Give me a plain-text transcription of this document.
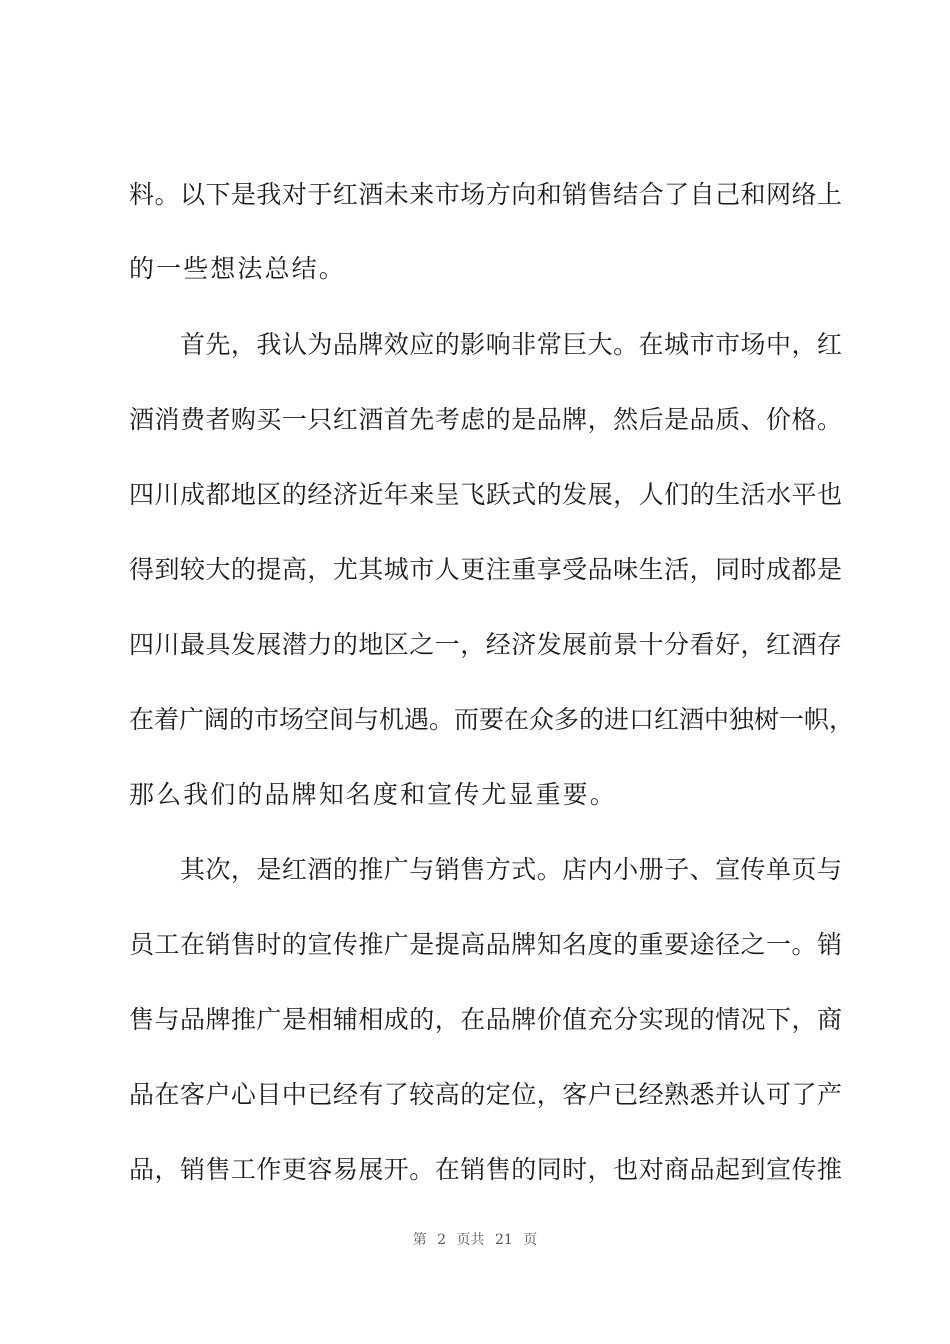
料。以下是我对于红酒未来市场方向和销售结合了自己和网络上
的一些想法总结。
　　首先，我认为品牌效应的影响非常巨大。在城市市场中，红
酒消费者购买一只红酒首先考虑的是品牌，然后是品质、价格。
四川成都地区的经济近年来呈飞跃式的发展，人们的生活水平也
得到较大的提高，尤其城市人更注重享受品味生活，同时成都是
四川最具发展潜力的地区之一，经济发展前景十分看好，红酒存
在着广阔的市场空间与机遇。而要在众多的进口红酒中独树一帜，
那么我们的品牌知名度和宣传尤显重要。
　　其次，是红酒的推广与销售方式。店内小册子、宣传单页与
员工在销售时的宣传推广是提高品牌知名度的重要途径之一。销
售与品牌推广是相辅相成的，在品牌价值充分实现的情况下，商
品在客户心目中已经有了较高的定位，客户已经熟悉并认可了产
品，销售工作更容易展开。在销售的同时，也对商品起到宣传推
第 2 页共 21 页
